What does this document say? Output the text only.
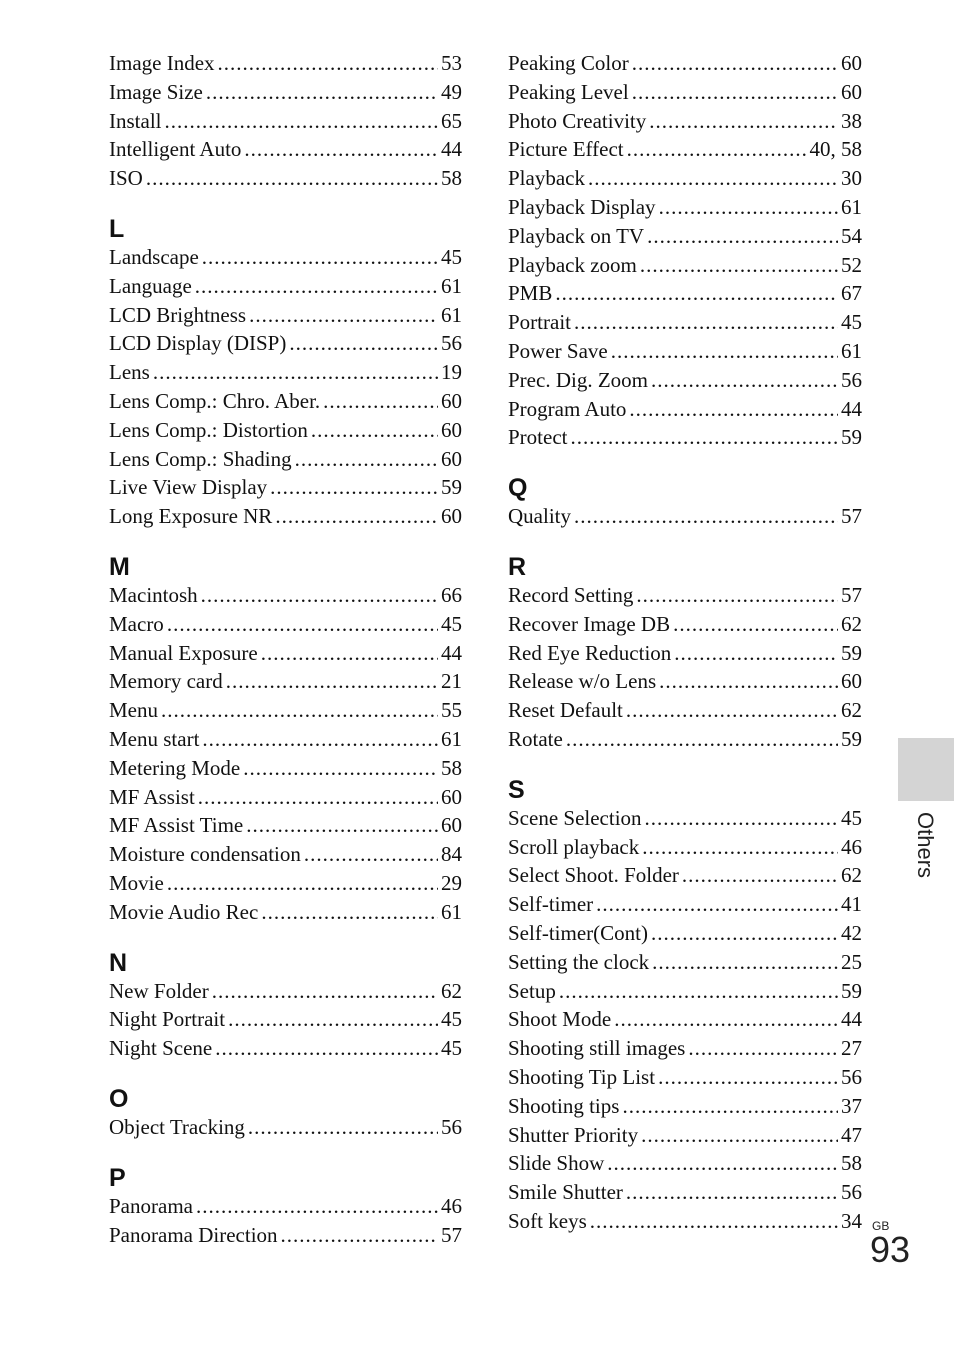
Image Index .....	53
Image Size .....	49
Install .....	65
Intelligent Auto .....	44
ISO .....	58
L
Landscape .....	45
Language .....	61
LCD Brightness .....	61
LCD Display (DISP) .....	56
Lens .....	19
Lens Comp.: Chro. Aber. .....	60
Lens Comp.: Distortion .....	60
Lens Comp.: Shading .....	60
Live View Display .....	59
Long Exposure NR .....	60
M
Macintosh .....	66
Macro .....	45
Manual Exposure .....	44
Memory card .....	21
Menu .....	55
Menu start .....	61
Metering Mode .....	58
MF Assist .....	60
MF Assist Time .....	60
Moisture condensation .....	84
Movie .....	29
Movie Audio Rec .....	61
N
New Folder .....	62
Night Portrait .....	45
Night Scene .....	45
O
Object Tracking .....	56
P
Panorama .....	46
Panorama Direction .....	57
Peaking Color .....	60
Peaking Level .....	60
Photo Creativity .....	38
Picture Effect .....	40, 58
Playback .....	30
Playback Display .....	61
Playback on TV .....	54
Playback zoom .....	52
PMB .....	67
Portrait .....	45
Power Save .....	61
Prec. Dig. Zoom .....	56
Program Auto .....	44
Protect .....	59
Q
Quality .....	57
R
Record Setting .....	57
Recover Image DB .....	62
Red Eye Reduction .....	59
Release w/o Lens .....	60
Reset Default .....	62
Rotate .....	59
S
Scene Selection .....	45
Scroll playback .....	46
Select Shoot. Folder .....	62
Self-timer .....	41
Self-timer(Cont) .....	42
Setting the clock .....	25
Setup .....	59
Shoot Mode .....	44
Shooting still images .....	27
Shooting Tip List .....	56
Shooting tips .....	37
Shutter Priority .....	47
Slide Show .....	58
Smile Shutter .....	56
Soft keys .....	34
Others
GB
93
